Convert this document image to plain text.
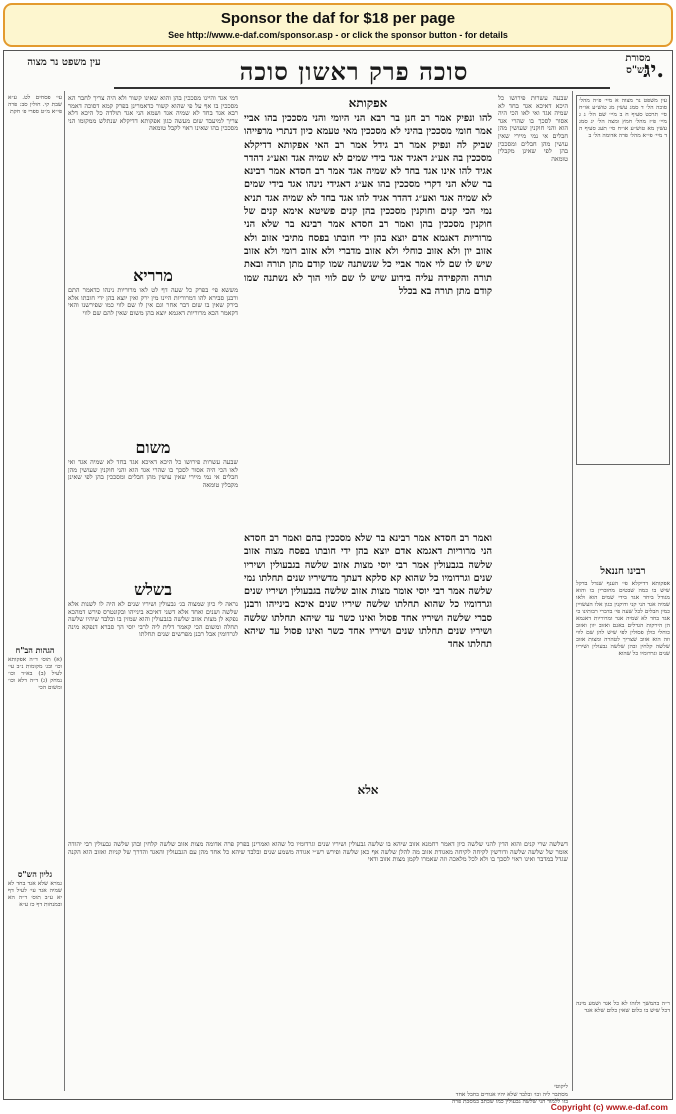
Sponsor the daf for $18 per page
See http://www.e-daf.com/sponsor.asp - or click the sponsor button - for details
יג.
סוכה פרק ראשון סוכה
עין משפט נר מצוה	מסורת הש"ס
עי׳ פסחים לט. ע״א שבת קי. חולין סב: פרה פי״א מ״ט ספרי פ׳ חקת
הגהות הב"ח
(א) תוס׳ ד״ה אפקותא וכו׳ ובג׳ מקומות נ״ב עי׳ לעיל (ב) בא״ד וכו׳ נמחק (ג) ד״ה דלא וכו׳ ומשום הכי
גליון הש"ס
גמרא שלא אגד בחד לא שמיה אגד עי׳ לעיל דף יא ע״ב תוס׳ ד״ה הא ובמנחות דף כז ע״א
דמי אגד והיינו מסככין בהן והוא שאינו קשור ולא היה צריך לחבר הא מסככין בו אף על פי שהוא קשור כדאמרינן בפרק קמא דסוכה דאמר רבא אגד בחד לא שמיה אגד ושמא הני אגד תולדה כל היכא דלא צריך למיעבד שום מעשה כגון אפקותא דדיקלא שנתלש ממקומו הני מסככין בהו שאינו ראוי לקבל טומאה
מרריא
מששא פי׳ בפרק כל שעה דף לט לאו מרוריות נינהו כדאמר התם ורבנן סבירא להו דמרוריות היינו מין ירק ואין יוצא בהן ידי חובתו אלא בירק שאין בו שום דבר אחר וגם אין לו שם לווי כמו שפירשנו והאי דקאמר הכא מרוריות דאגמא יוצא בהן משום שאין להם שם לווי
משום
שבעה עשרות פירושו כל היכא דאיכא אגד בחד לא שמיה אגד ואי לאו הכי היה אסור לסכך בו שהרי אגד הוא והני חוקנין שעושין מהן חבלים אי נמי מיירי שאין עושין מהן חבלים ומסככין בהן לפי שאינן מקבלין טומאה
בשלש
נראה לי כיון שמצוה בג׳ גבעולין ושיריו שנים לא היה לו לשנות אלא שלשה ושנים ואחד אלא דשני דאיכא בינייהו ובקונטרס פירש דמהכא נפקא לן מצות אזוב שלשה בגבעולין והוא שמזין בו ובלבד שיהיו שלשה תחלה ומשום הכי קאמר דלית ליה לרבי יוסי הך סברא דנפקא מינה לגרדומין אבל רבנן מפרשים שנים תחלתו
אפקותא
להו ונפיק אמר רב חנן בר רבא הני היומי והני מסככין בהו אביי אמר חומי מסככין בהיני לא מסככין מאי טעמא כיון דנתרי מרפייהו שביק לה ונפיק אמר רב גידל אמר רב האי אפקותא דדיקלא מסככין בה אע״ג דאגיד אגד בידי שמים לא שמיה אגד ואע״ג דהדר אגיד להו אינו אגד בחד לא שמיה אגד אמר רב חסדא אמר רבינא בר שלא הני דקרי מסככין בהו אע״ג דאגידי נינהו אגד בידי שמים לא שמיה אגד ואע״ג דהדר אגיד להו אגד בחד לא שמיה אגד תניא נמי הכי קנים וחוקנין מסככין בהן קנים פשיטא אימא קנים של חוקנין מסככין בהן ואמר רב חסדא אמר רבינא בר שלא הני מרוריות דאגמא אדם יוצא בהן ידי חובתו בפסח מתיבי אזוב ולא אזוב יון ולא אזוב כוחלי ולא אזוב מדברי ולא אזוב רומי ולא אזוב שיש לו שם לוי אמר אביי כל שנשתנה שמו קודם מתן תורה ובאת תורה והקפידה עליה בידוע שיש לו שם לווי הוך לא נשתנה שמו קודם מתן תורה בא בכלל
ואמר רב חסדא אמר רבינא בר שלא מסככין בהם ואמר רב חסדא הני מרוריות דאגמא אדם יוצא בהן ידי חובתו בפסח מצוה אזוב שלשה בגבעולין אמר רבי יוסי מצות אזוב שלשה בגבעולין ושיריו שנים וגרדומיו כל שהוא קא סלקא דעתך מדשיריו שנים תחלתו נמי שלשה אמר רבי יוסי אומר מצות אזוב שלשה בגבעולין ושיריו שנים וגרדומיו כל שהוא תחלתו שלשה שיריו שנים איכא בינייהו ורבנן סברי שלשה ושיריו אחד פסול ואינו כשר עד שיהא תחלתו שלשה ושיריו שנים תחלתו שנים ושיריו אחד כשר ואינו פסול עד שיהא תחלתו אחד
אלא
שבעה עשרות פירושו כל היכא דאיכא אגד בחד לא שמיה אגד ואי לאו הכי היה אסור לסכך בו שהרי אגד הוא והני חוקנין שעושין מהן חבלים אי נמי מיירי שאין עושין מהן חבלים ומסככין בהן לפי שאינן מקבלין טומאה
עין משפט נר מצוה א מיי׳ פ״ה מהל׳ סוכה הל׳ ד סמג עשין מג טוש״ע או״ח סי׳ תרכט סעיף ח ב מיי׳ שם הל׳ ג ג מיי׳ פ״ז מהל׳ חמץ ומצה הל׳ יג סמג עשין מא טוש״ע או״ח סי׳ תעג סעיף ה ד מיי׳ פי״א מהל׳ פרה אדומה הל׳ ב
רבינו חננאל
אפקותא דדיקלא פי׳ הענף שגדל בדקל שיש בו כמה שבטים מחוברין בו והוא מגודל ביחד אגד בידי שמים הוא ולאו שמיה אגד הני קני ודוקנין כגון אלו העשויין כמין חבלים לכל שעה פי׳ בדברי רבותינו כי אגד בחד לא שמיה אגד ומרוריות דאגמא הן הירקות הגדלים באגם ואזוב יוון ואזוב כוחלי כולן פסולין לפי שיש להן שם לווי וזה הוא אזוב שצריך לטהרה ומצות אזוב שלשה קלחין ובהן שלשה גבעולין ושיריו שנים וגרדומיו כל שהוא
ר״ה בהמשך ולזהו לא כל אגד ושמע מינה דכל שיש בו כלום שאין כלום שלא אגד
דשלשה שרי קנים והוא הדין להני שלשה כיון דאמר רחמנא אזוב שיהא בו שלשה גבעולין ושיריו שנים וגרדומיו כל שהוא ואמרינן בפרק פרה אדומה מצות אזוב שלשה קלחין ובהן שלשה גבעולין רבי יהודה אומר של שלשה שלשה ודורשין לקיחה לקיחה מאגודת אזוב מה להלן שלשה אף כאן שלשה ופירש רש״י אגודה משמע שנים ובלבד שיהא כל אחד מהן עם הגבעולין והאגד והדרך של קניות ואזוב הוא הקנה שגדל במדבר ואינו ראוי לסכך בו ולא לכל מלאכה וזה שאמרו לקמן מצות אזוב ודאי
ליקוטי
מסתבר ליה וכו׳ ובלבד שלא יהיו אגודים בחבל אחד
בזו ללמוד הני שלשה גבעולין כמו שכתב במסכת פרה
Copyright (c) www.e-daf.com
